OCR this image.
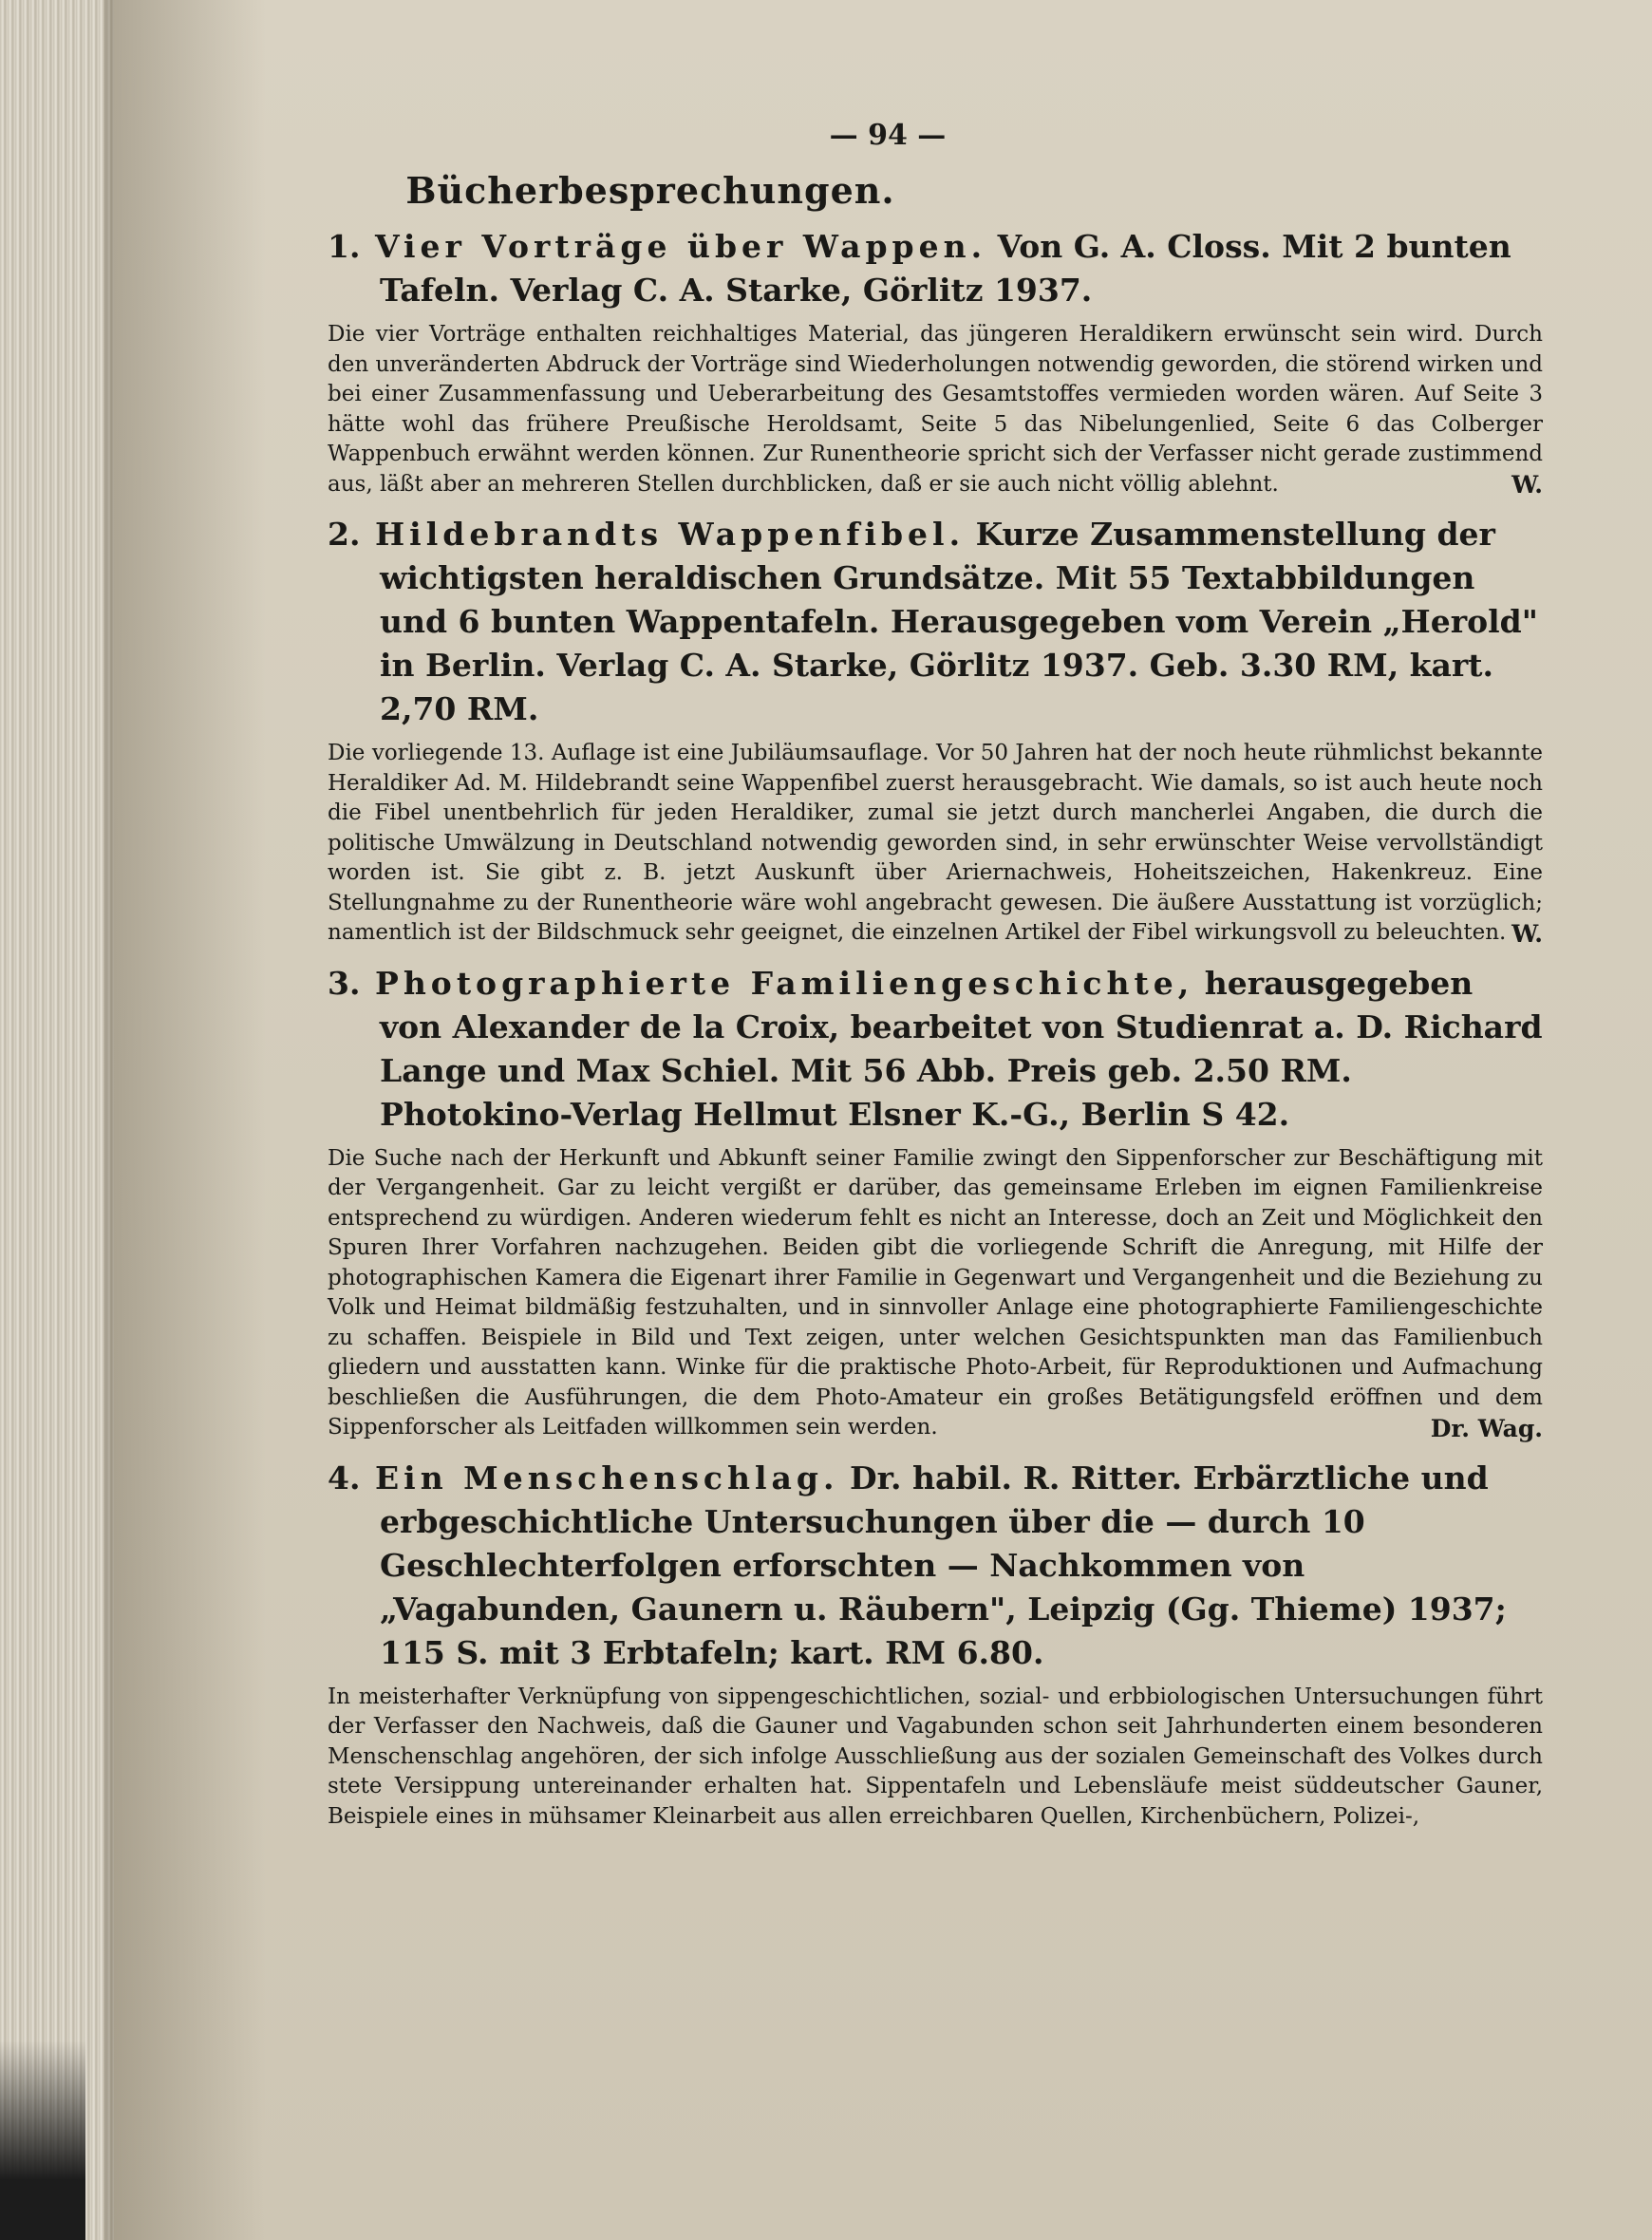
— 94 —
Bücherbesprechungen.

1. Vier Vorträge über Wappen. Von G. A. Closs. Mit 2 bunten Tafeln. Verlag C. A. Starke, Görlitz 1937.

Die vier Vorträge enthalten reichhaltiges Material, das jüngeren Heraldikern erwünscht sein wird. Durch den unveränderten Abdruck der Vorträge sind Wiederholungen notwendig geworden, die störend wirken und bei einer Zusammenfassung und Ueberarbeitung des Gesamtstoffes vermieden worden wären. Auf Seite 3 hätte wohl das frühere Preußische Heroldsamt, Seite 5 das Nibelungenlied, Seite 6 das Colberger Wappenbuch erwähnt werden können. Zur Runentheorie spricht sich der Verfasser nicht gerade zustimmend aus, läßt aber an mehreren Stellen durchblicken, daß er sie auch nicht völlig ablehnt.	W.

2. Hildebrandts Wappenfibel. Kurze Zusammenstellung der wichtigsten heraldischen Grundsätze. Mit 55 Textabbildungen und 6 bunten Wappentafeln. Herausgegeben vom Verein „Herold" in Berlin. Verlag C. A. Starke, Görlitz 1937. Geb. 3.30 RM, kart. 2,70 RM.

Die vorliegende 13. Auflage ist eine Jubiläumsauflage. Vor 50 Jahren hat der noch heute rühmlichst bekannte Heraldiker Ad. M. Hildebrandt seine Wappenfibel zuerst herausgebracht. Wie damals, so ist auch heute noch die Fibel unentbehrlich für jeden Heraldiker, zumal sie jetzt durch mancherlei Angaben, die durch die politische Umwälzung in Deutschland notwendig geworden sind, in sehr erwünschter Weise vervollständigt worden ist. Sie gibt z. B. jetzt Auskunft über Ariernachweis, Hoheitszeichen, Hakenkreuz. Eine Stellungnahme zu der Runentheorie wäre wohl angebracht gewesen. Die äußere Ausstattung ist vorzüglich; namentlich ist der Bildschmuck sehr geeignet, die einzelnen Artikel der Fibel wirkungsvoll zu beleuchten. W.

3. Photographierte Familiengeschichte, herausgegeben von Alexander de la Croix, bearbeitet von Studienrat a. D. Richard Lange und Max Schiel. Mit 56 Abb. Preis geb. 2.50 RM. Photokino-Verlag Hellmut Elsner K.-G., Berlin S 42.

Die Suche nach der Herkunft und Abkunft seiner Familie zwingt den Sippenforscher zur Beschäftigung mit der Vergangenheit. Gar zu leicht vergißt er darüber, das gemeinsame Erleben im eignen Familienkreise entsprechend zu würdigen. Anderen wiederum fehlt es nicht an Interesse, doch an Zeit und Möglichkeit den Spuren Ihrer Vorfahren nachzugehen. Beiden gibt die vorliegende Schrift die Anregung, mit Hilfe der photographischen Kamera die Eigenart ihrer Familie in Gegenwart und Vergangenheit und die Beziehung zu Volk und Heimat bildmäßig festzuhalten, und in sinnvoller Anlage eine photographierte Familiengeschichte zu schaffen. Beispiele in Bild und Text zeigen, unter welchen Gesichtspunkten man das Familienbuch gliedern und ausstatten kann. Winke für die praktische Photo-Arbeit, für Reproduktionen und Aufmachung beschließen die Ausführungen, die dem Photo-Amateur ein großes Betätigungsfeld eröffnen und dem Sippenforscher als Leitfaden willkommen sein werden.	Dr. Wag.

4. Ein Menschenschlag. Dr. habil. R. Ritter. Erbärztliche und erbgeschichtliche Untersuchungen über die — durch 10 Geschlechterfolgen erforschten — Nachkommen von „Vagabunden, Gaunern u. Räubern", Leipzig (Gg. Thieme) 1937; 115 S. mit 3 Erbtafeln; kart. RM 6.80.

In meisterhafter Verknüpfung von sippengeschichtlichen, sozial- und erbbiologischen Untersuchungen führt der Verfasser den Nachweis, daß die Gauner und Vagabunden schon seit Jahrhunderten einem besonderen Menschenschlag angehören, der sich infolge Ausschließung aus der sozialen Gemeinschaft des Volkes durch stete Versippung untereinander erhalten hat. Sippentafeln und Lebensläufe meist süddeutscher Gauner, Beispiele eines in mühsamer Kleinarbeit aus allen erreichbaren Quellen, Kirchenbüchern, Polizei-,
